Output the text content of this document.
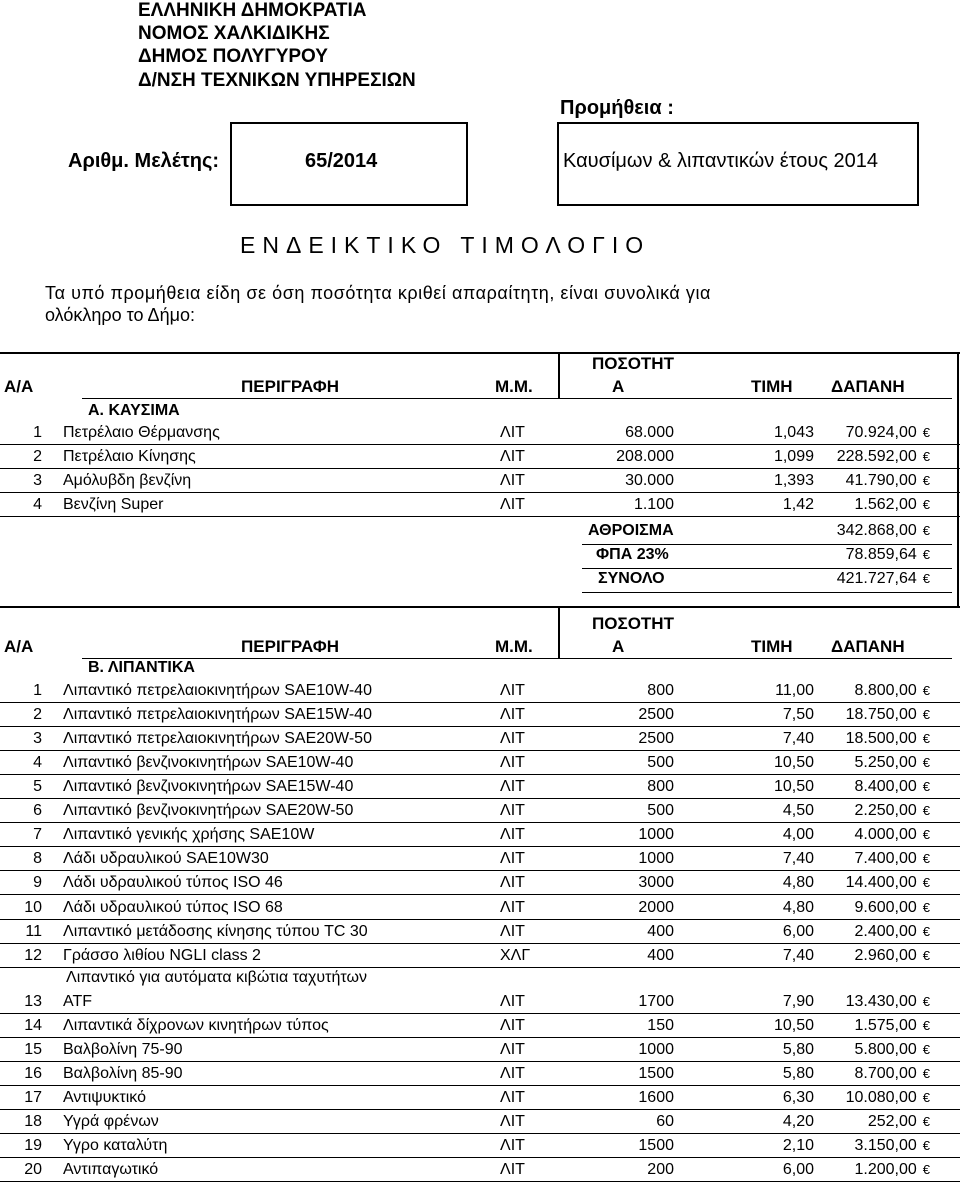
ΕΛΛΗΝΙΚΗ ΔΗΜΟΚΡΑΤΙΑ
ΝΟΜΟΣ ΧΑΛΚΙΔΙΚΗΣ
ΔΗΜΟΣ ΠΟΛΥΓΥΡΟΥ
Δ/ΝΣΗ ΤΕΧΝΙΚΩΝ ΥΠΗΡΕΣΙΩΝ
Προμήθεια :
Αριθμ. Μελέτης:	65/2014	Καυσίμων & λιπαντικών έτους 2014
ΕΝΔΕΙΚΤΙΚΟ ΤΙΜΟΛΟΓΙΟ
Τα υπό προμήθεια είδη σε όση ποσότητα κριθεί απαραίτητη, είναι συνολικά για
ολόκληρο το Δήμο:
Α/Α	ΠΕΡΙΓΡΑΦΗ	Μ.Μ.
ΠΟΣΟΤΗΤ
Α	ΤΙΜΗ ΔΑΠΑΝΗ
Α. ΚΑΥΣΙΜΑ
1 Πετρέλαιο Θέρμανσης	ΛΙΤ	68.000	1,043 70.924,00 €
2 Πετρέλαιο Κίνησης	ΛΙΤ	208.000	1,099 228.592,00 €
3 Αμόλυβδη βενζίνη	ΛΙΤ	30.000	1,393 41.790,00 €
4 Βενζίνη Super	ΛΙΤ	1.100	1,42	1.562,00 €
ΑΘΡΟΙΣΜΑ	342.868,00 €
ΦΠΑ 23%	78.859,64 €
ΣΥΝΟΛΟ	421.727,64 €
Α/Α	ΠΕΡΙΓΡΑΦΗ	Μ.Μ.
ΠΟΣΟΤΗΤ
Α	ΤΙΜΗ ΔΑΠΑΝΗ
Β. ΛΙΠΑΝΤΙΚΑ
1 Λιπαντικό πετρελαιοκινητήρων SAE10W-40	ΛΙΤ	800	11,00	8.800,00 €
2 Λιπαντικό πετρελαιοκινητήρων SAE15W-40	ΛΙΤ	2500	7,50 18.750,00 €
3 Λιπαντικό πετρελαιοκινητήρων SAE20W-50	ΛΙΤ	2500	7,40 18.500,00 €
4 Λιπαντικό βενζινοκινητήρων SAE10W-40	ΛΙΤ	500	10,50	5.250,00 €
5 Λιπαντικό βενζινοκινητήρων SAE15W-40	ΛΙΤ	800	10,50	8.400,00 €
6 Λιπαντικό βενζινοκινητήρων SAE20W-50	ΛΙΤ	500	4,50	2.250,00 €
7 Λιπαντικό γενικής χρήσης SAE10W	ΛΙΤ	1000	4,00	4.000,00 €
8 Λάδι υδραυλικού SAE10W30	ΛΙΤ	1000	7,40	7.400,00 €
9 Λάδι υδραυλικού τύπος ISO 46	ΛΙΤ	3000	4,80 14.400,00 €
10 Λάδι υδραυλικού τύπος ISO 68	ΛΙΤ	2000	4,80	9.600,00 €
11 Λιπαντικό μετάδοσης κίνησης τύπου TC 30	ΛΙΤ	400	6,00	2.400,00 €
12 Γράσσο λιθίου NGLI class 2	ΧΛΓ	400	7,40	2.960,00 €
13
Λιπαντικό για αυτόματα κιβώτια ταχυτήτων
ATF	ΛΙΤ	1700	7,90 13.430,00 €
14 Λιπαντικά δίχρονων κινητήρων τύπος	ΛΙΤ	150	10,50	1.575,00 €
15 Βαλβολίνη 75-90	ΛΙΤ	1000	5,80	5.800,00 €
16 Βαλβολίνη 85-90	ΛΙΤ	1500	5,80	8.700,00 €
17 Αντιψυκτικό	ΛΙΤ	1600	6,30 10.080,00 €
18 Υγρά φρένων	ΛΙΤ	60	4,20	252,00 €
19 Υγρο καταλύτη	ΛΙΤ	1500	2,10	3.150,00 €
20 Αντιπαγωτικό	ΛΙΤ	200	6,00	1.200,00 €
